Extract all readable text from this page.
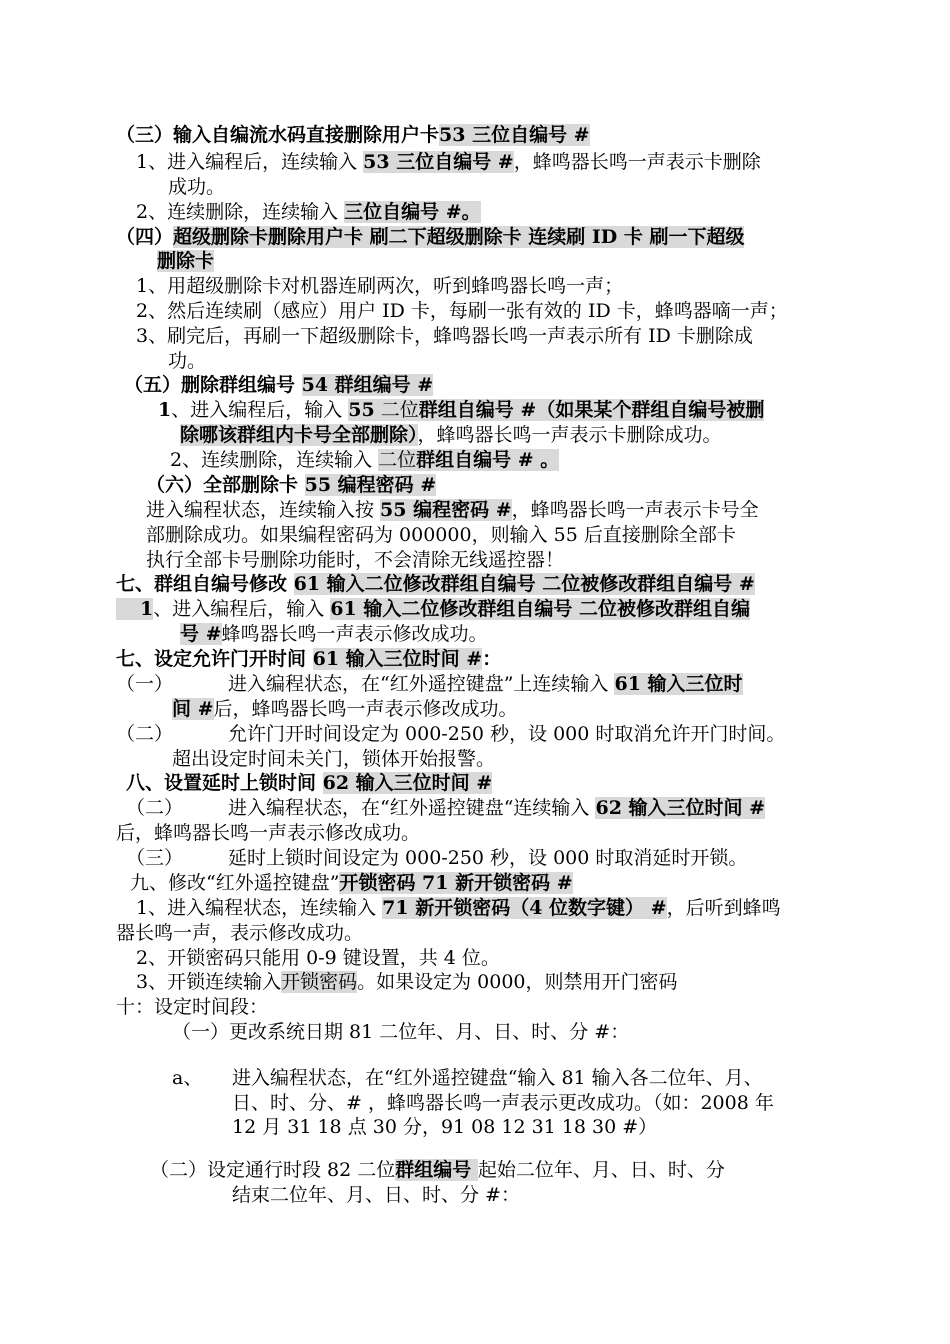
（三）输入自编流水码直接删除用户卡53 三位自编号 #
1、进入编程后，连续输入 53 三位自编号 #，蜂鸣器长鸣一声表示卡删除
成功。
2、连续删除，连续输入 三位自编号 #。
（四）超级删除卡删除用户卡 刷二下超级删除卡 连续刷 ID 卡 刷一下超级
删除卡
1、用超级删除卡对机器连刷两次，听到蜂鸣器长鸣一声；
2、然后连续刷（感应）用户 ID 卡，每刷一张有效的 ID 卡，蜂鸣器嘀一声；
3、刷完后，再刷一下超级删除卡，蜂鸣器长鸣一声表示所有 ID 卡删除成
功。
（五）删除群组编号 54 群组编号 #
1、进入编程后，输入 55 二位群组自编号 #（如果某个群组自编号被删
除哪该群组内卡号全部删除），蜂鸣器长鸣一声表示卡删除成功。
2、连续删除，连续输入 二位群组自编号 # 。
（六）全部删除卡 55 编程密码 #
进入编程状态，连续输入按 55 编程密码 #，蜂鸣器长鸣一声表示卡号全
部删除成功。如果编程密码为 000000，则输入 55 后直接删除全部卡
执行全部卡号删除功能时，不会清除无线遥控器！
七、群组自编号修改 61 输入二位修改群组自编号 二位被修改群组自编号 #
1、进入编程后，输入 61 输入二位修改群组自编号 二位被修改群组自编
号 #蜂鸣器长鸣一声表示修改成功。
七、设定允许门开时间 61 输入三位时间 #：
（一）	进入编程状态，在“红外遥控键盘”上连续输入 61 输入三位时
间 #后，蜂鸣器长鸣一声表示修改成功。
（二）	允许门开时间设定为 000-250 秒，设 000 时取消允许开门时间。
超出设定时间未关门，锁体开始报警。
八、设置延时上锁时间 62 输入三位时间 #
（二） 进入编程状态，在“红外遥控键盘“连续输入 62 输入三位时间 #
后，蜂鸣器长鸣一声表示修改成功。
（三） 延时上锁时间设定为 000-250 秒，设 000 时取消延时开锁。
九、修改“红外遥控键盘”开锁密码 71 新开锁密码 #
1、进入编程状态，连续输入 71 新开锁密码（4 位数字键） #，后听到蜂鸣
器长鸣一声，表示修改成功。
2、开锁密码只能用 0-9 键设置，共 4 位。
3、开锁连续输入开锁密码。如果设定为 0000，则禁用开门密码
十：设定时间段：
（一）更改系统日期 81 二位年、月、日、时、分 #：
a、 进入编程状态，在“红外遥控键盘“输入 81 输入各二位年、月、
日、时、分、# ，蜂鸣器长鸣一声表示更改成功。（如：2008 年
12 月 31 18 点 30 分，91 08 12 31 18 30 #）
（二）设定通行时段 82 二位群组编号 起始二位年、月、日、时、分
结束二位年、月、日、时、分 #：
